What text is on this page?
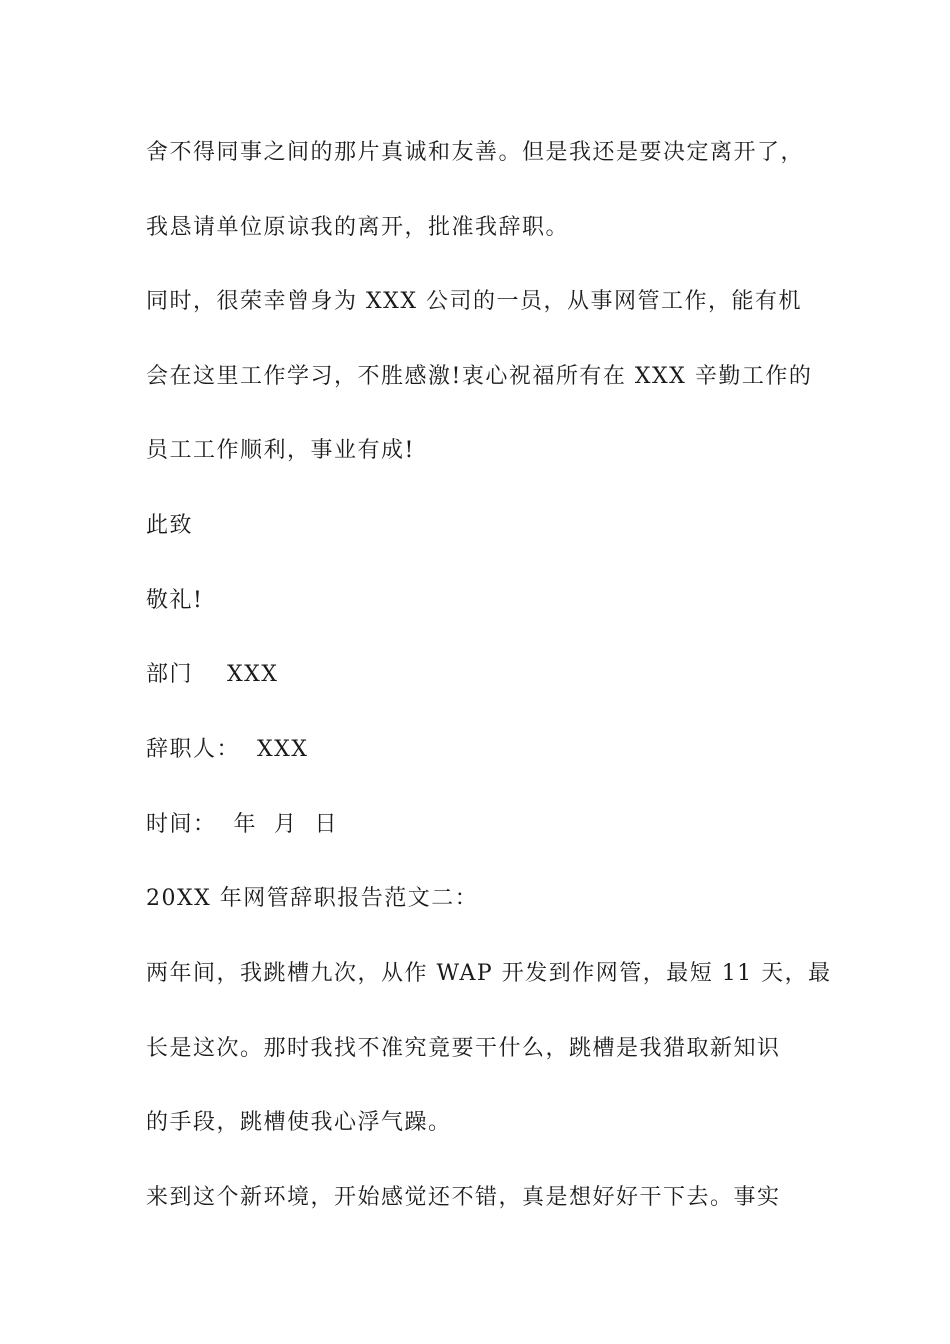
舍不得同事之间的那片真诚和友善。但是我还是要决定离开了，
我恳请单位原谅我的离开，批准我辞职。
同时，很荣幸曾身为 XXX 公司的一员，从事网管工作，能有机
会在这里工作学习，不胜感激!衷心祝福所有在 XXX 辛勤工作的
员工工作顺利，事业有成!
此致
敬礼!
部门    XXX
辞职人：  XXX
时间：  年  月  日
20XX 年网管辞职报告范文二：
两年间，我跳槽九次，从作 WAP 开发到作网管，最短 11 天，最
长是这次。那时我找不准究竟要干什么，跳槽是我猎取新知识
的手段，跳槽使我心浮气躁。
来到这个新环境，开始感觉还不错，真是想好好干下去。事实
